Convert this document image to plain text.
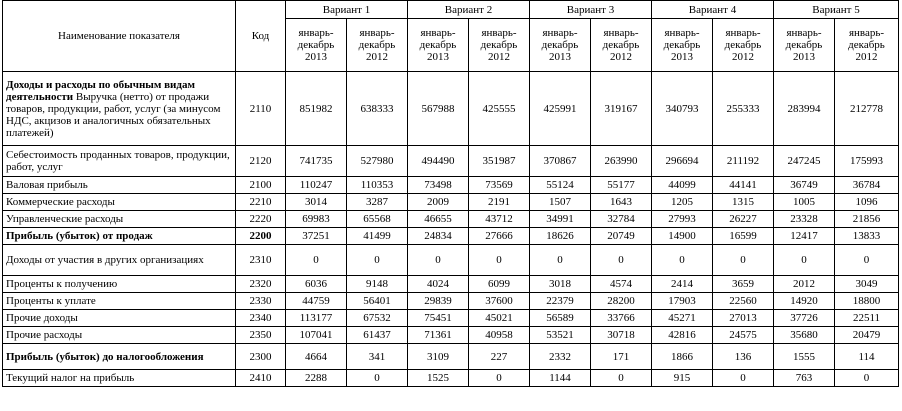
Наименование показателя	Код	Вариант 1		Вариант 2		Вариант 3		Вариант 4		Вариант 5	
		январь-декабрь 2013	январь-декабрь 2012	январь-декабрь 2013	январь-декабрь 2012	январь-декабрь 2013	январь-декабрь 2012	январь-декабрь 2013	январь-декабрь 2012	январь-декабрь 2013	январь-декабрь 2012
Доходы и расходы по обычным видам деятельности Выручка (нетто) от продажи товаров, продукции, работ, услуг (за минусом НДС, акцизов и аналогичных обязательных платежей)	2110	851982	638333	567988	425555	425991	319167	340793	255333	283994	212778
Себестоимость проданных товаров, продукции, работ, услуг	2120	741735	527980	494490	351987	370867	263990	296694	211192	247245	175993
Валовая прибыль	2100	110247	110353	73498	73569	55124	55177	44099	44141	36749	36784
Коммерческие расходы	2210	3014	3287	2009	2191	1507	1643	1205	1315	1005	1096
Управленческие расходы	2220	69983	65568	46655	43712	34991	32784	27993	26227	23328	21856
Прибыль (убыток) от продаж	2200	37251	41499	24834	27666	18626	20749	14900	16599	12417	13833
Доходы от участия в других организациях	2310	0	0	0	0	0	0	0	0	0	0
Проценты к получению	2320	6036	9148	4024	6099	3018	4574	2414	3659	2012	3049
Проценты к уплате	2330	44759	56401	29839	37600	22379	28200	17903	22560	14920	18800
Прочие доходы	2340	113177	67532	75451	45021	56589	33766	45271	27013	37726	22511
Прочие расходы	2350	107041	61437	71361	40958	53521	30718	42816	24575	35680	20479
Прибыль (убыток) до налогообложения	2300	4664	341	3109	227	2332	171	1866	136	1555	114
Текущий налог на прибыль	2410	2288	0	1525	0	1144	0	915	0	763	0
